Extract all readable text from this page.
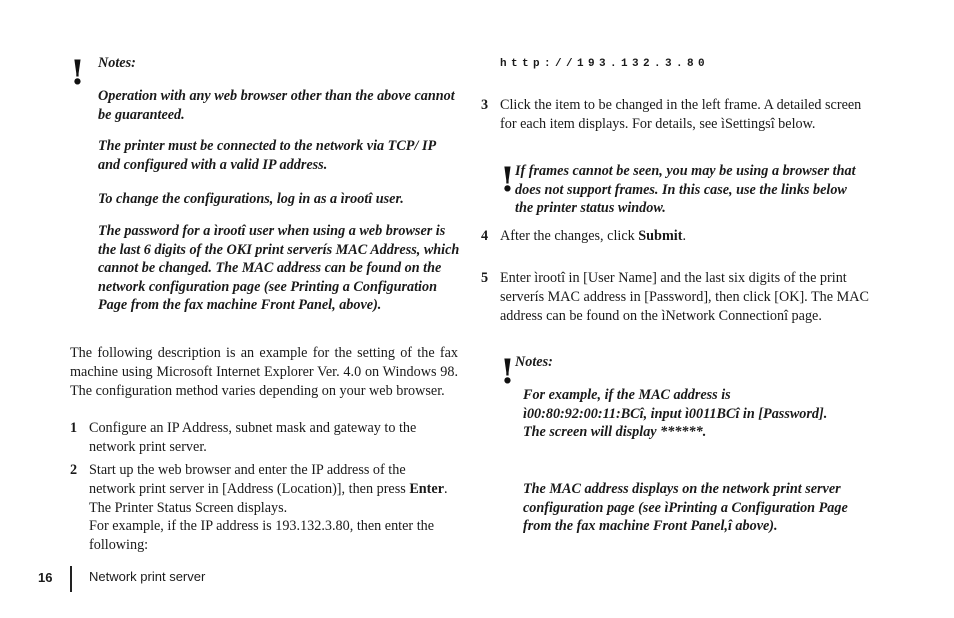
! Notes:

Operation with any web browser other than the above cannot be guaranteed.

The printer must be connected to the network via TCP/ IP and configured with a valid IP address.

To change the configurations, log in as a ìrootî user.

The password for a ìrootî user when using a web browser is the last 6 digits of the OKI print serverís MAC Address, which cannot be changed. The MAC address can be found on the network configuration page (see Printing a Configuration Page from the fax machine Front Panel, above).

The following description is an example for the setting of the fax machine using Microsoft Internet Explorer Ver. 4.0 on Windows 98. The configuration method varies depending on your web browser.

1 Configure an IP Address, subnet mask and gateway to the network print server.

2 Start up the web browser and enter the IP address of the network print server in [Address (Location)], then press Enter. The Printer Status Screen displays.

For example, if the IP address is 193.132.3.80, then enter the following:

http://193.132.3.80

3 Click the item to be changed in the left frame. A detailed screen for each item displays. For details, see ìSettingsî below.

! If frames cannot be seen, you may be using a browser that does not support frames. In this case, use the links below the printer status window.

4 After the changes, click Submit.

5 Enter ìrootî in [User Name] and the last six digits of the print serverís MAC address in [Password], then click [OK]. The MAC address can be found on the ìNetwork Connectionî page.

! Notes:

For example, if the MAC address is ì00:80:92:00:11:BCî, input ì0011BCî in [Password]. The screen will display ******.

The MAC address displays on the network print server configuration page (see ìPrinting a Configuration Page from the fax machine Front Panel,î above).

16	Network print server
